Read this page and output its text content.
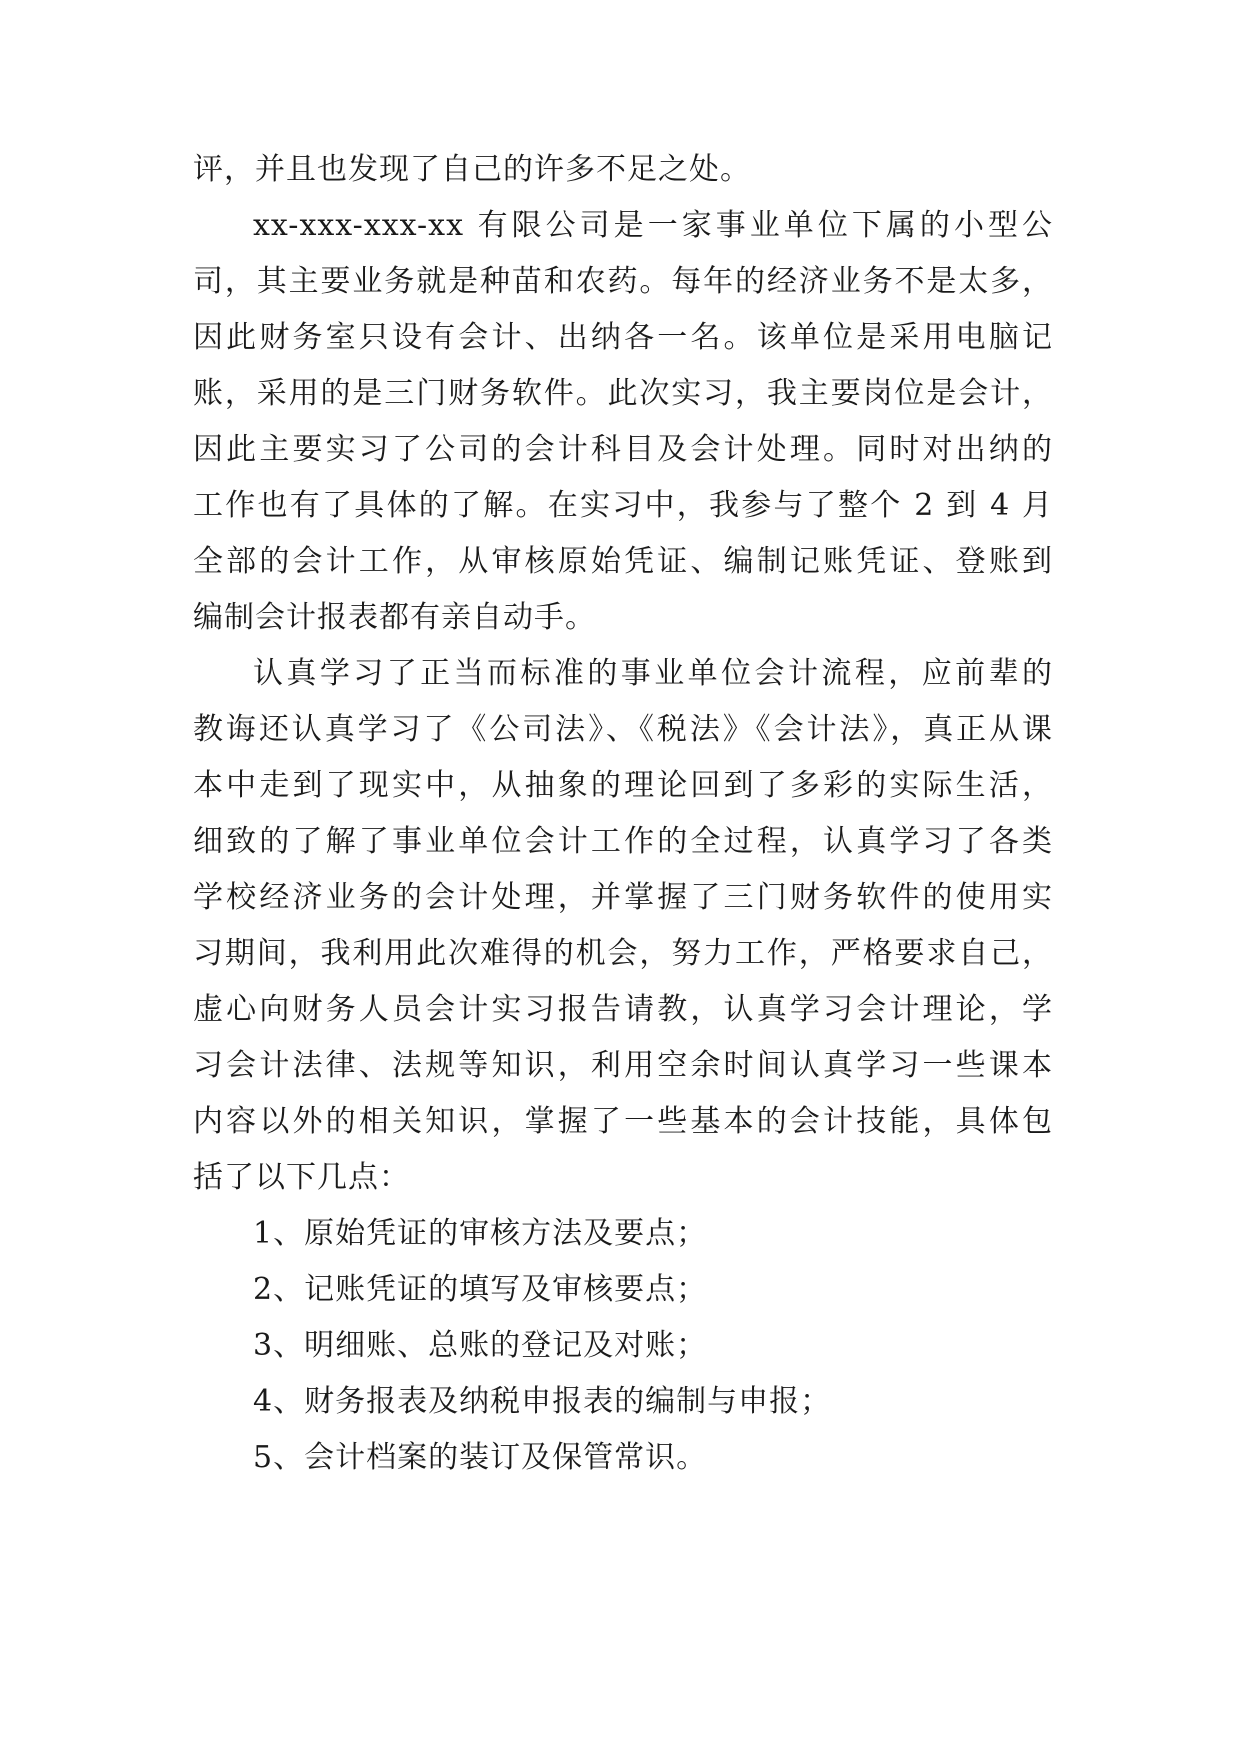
评，并且也发现了自己的许多不足之处。
xx-xxx-xxx-xx 有限公司是一家事业单位下属的小型公
司，其主要业务就是种苗和农药。每年的经济业务不是太多，
因此财务室只设有会计、出纳各一名。该单位是采用电脑记
账，采用的是三门财务软件。此次实习，我主要岗位是会计，
因此主要实习了公司的会计科目及会计处理。同时对出纳的
工作也有了具体的了解。在实习中，我参与了整个 2 到 4 月
全部的会计工作，从审核原始凭证、编制记账凭证、登账到
编制会计报表都有亲自动手。
认真学习了正当而标准的事业单位会计流程，应前辈的
教诲还认真学习了《公司法》、《税法》《会计法》，真正从课
本中走到了现实中，从抽象的理论回到了多彩的实际生活，
细致的了解了事业单位会计工作的全过程，认真学习了各类
学校经济业务的会计处理，并掌握了三门财务软件的使用实
习期间，我利用此次难得的机会，努力工作，严格要求自己，
虚心向财务人员会计实习报告请教，认真学习会计理论，学
习会计法律、法规等知识，利用空余时间认真学习一些课本
内容以外的相关知识，掌握了一些基本的会计技能，具体包
括了以下几点：
1、原始凭证的审核方法及要点；
2、记账凭证的填写及审核要点；
3、明细账、总账的登记及对账；
4、财务报表及纳税申报表的编制与申报；
5、会计档案的装订及保管常识。
